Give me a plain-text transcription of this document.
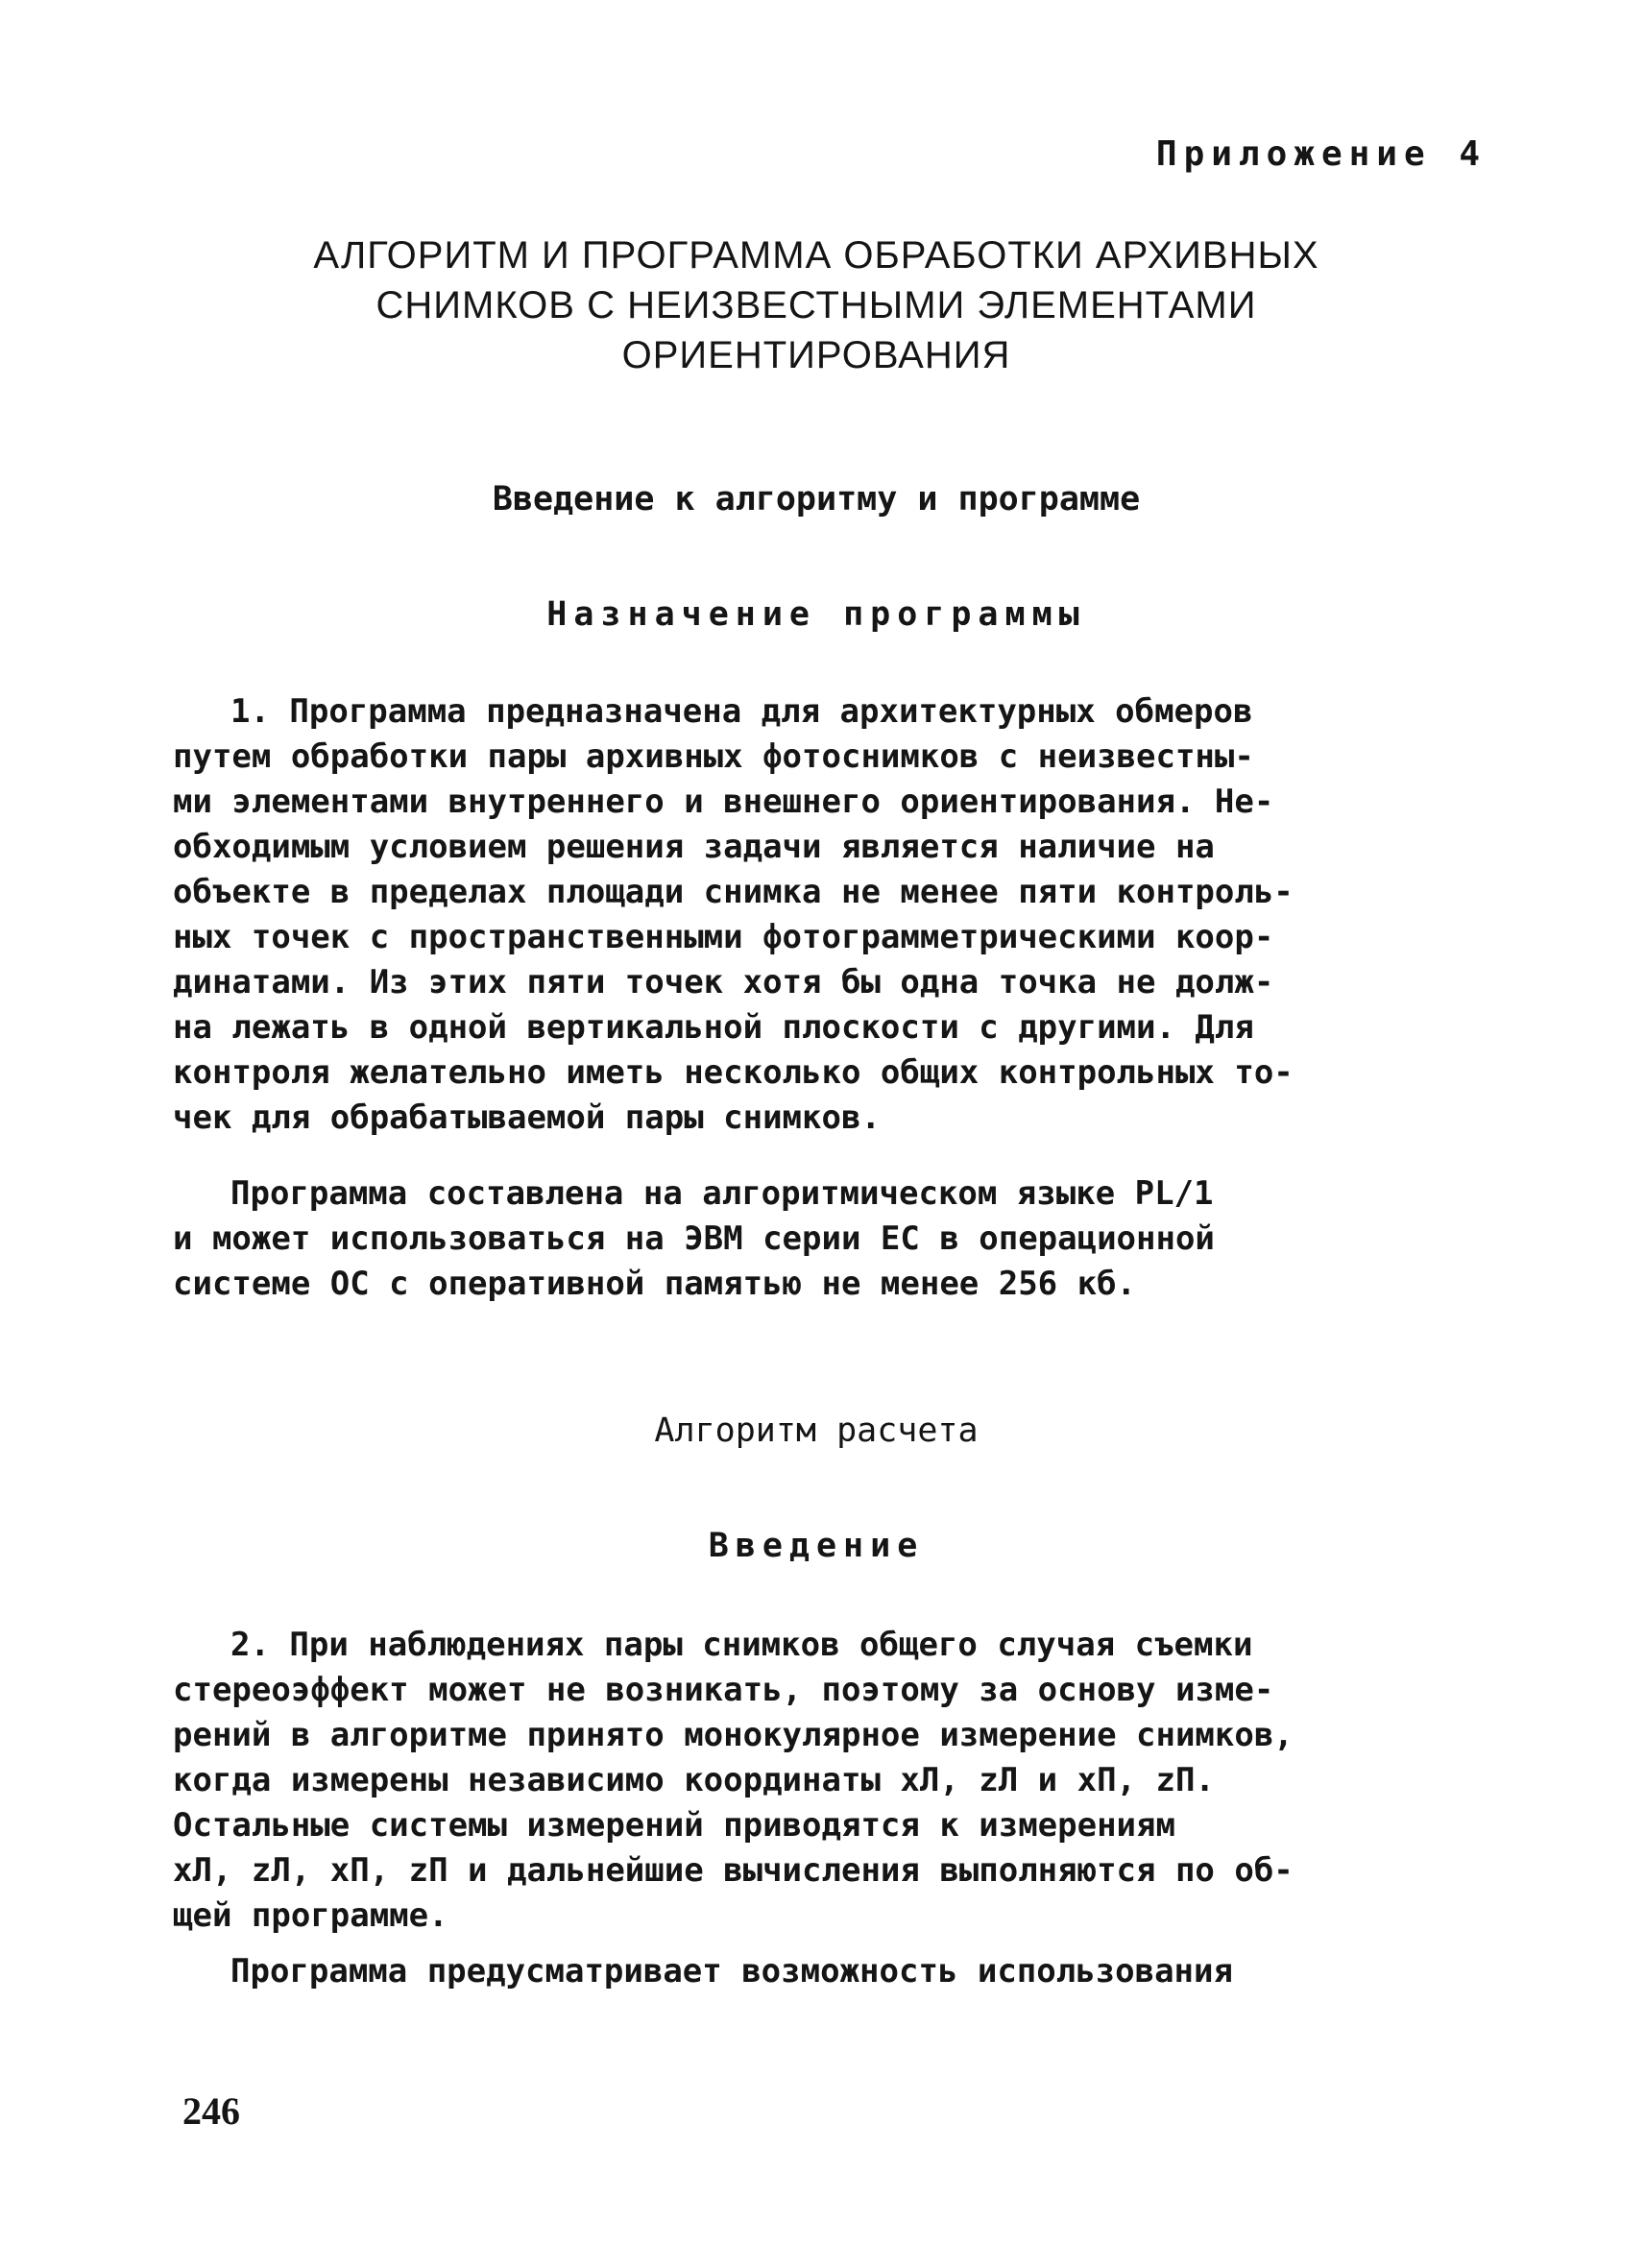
Приложение 4
АЛГОРИТМ И ПРОГРАММА ОБРАБОТКИ АРХИВНЫХ
СНИМКОВ С НЕИЗВЕСТНЫМИ ЭЛЕМЕНТАМИ
ОРИЕНТИРОВАНИЯ
Введение к алгоритму и программе
Назначение программы
1. Программа предназначена для архитектурных обмеров
путем обработки пары архивных фотоснимков с неизвестны-
ми элементами внутреннего и внешнего ориентирования. Не-
обходимым условием решения задачи является наличие на
объекте в пределах площади снимка не менее пяти контроль-
ных точек с пространственными фотограмметрическими коор-
динатами. Из этих пяти точек хотя бы одна точка не долж-
на лежать в одной вертикальной плоскости с другими. Для
контроля желательно иметь несколько общих контрольных то-
чек для обрабатываемой пары снимков.
Программа составлена на алгоритмическом языке PL/1
и может использоваться на ЭВМ серии ЕС в операционной
системе ОС с оперативной памятью не менее 256 кб.
Алгоритм расчета
Введение
2. При наблюдениях пары снимков общего случая съемки
стереоэффект может не возникать, поэтому за основу изме-
рений в алгоритме принято монокулярное измерение снимков,
когда измерены независимо координаты xЛ, zЛ и xП, zП.
Остальные системы измерений приводятся к измерениям
xЛ, zЛ, xП, zП и дальнейшие вычисления выполняются по об-
щей программе.
Программа предусматривает возможность использования
246
